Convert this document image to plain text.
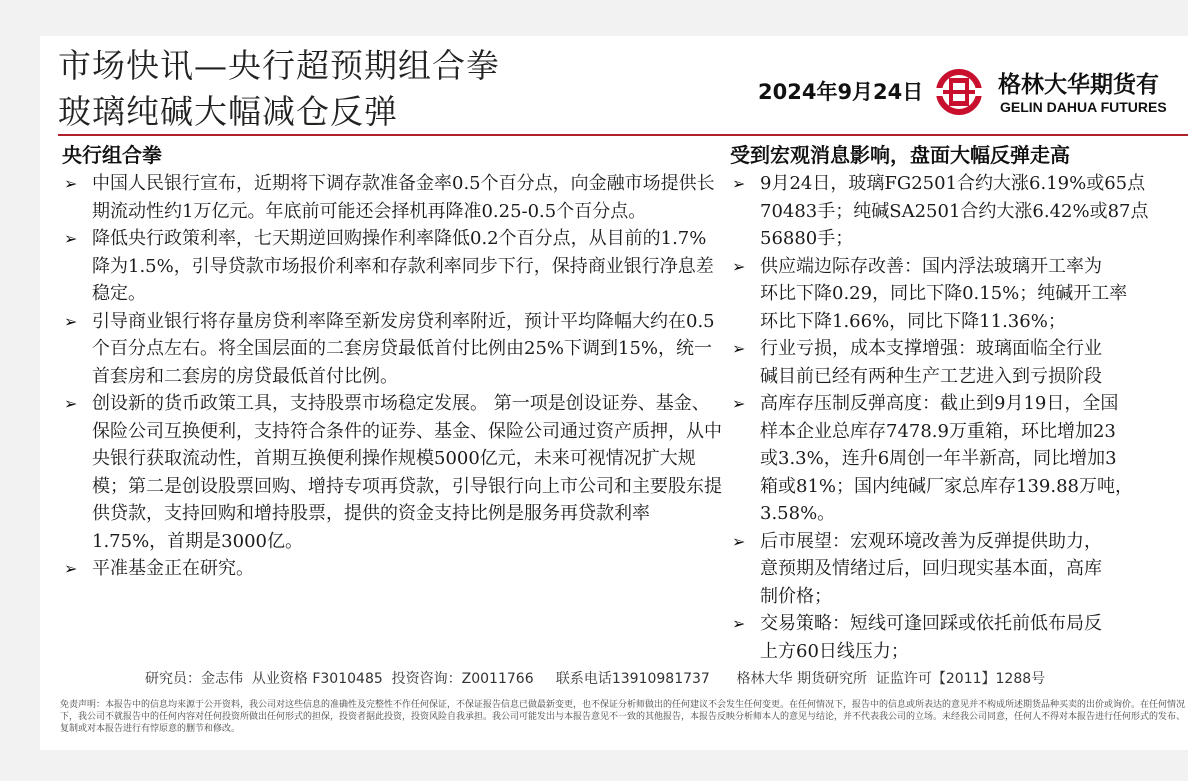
市场快讯—央行超预期组合拳
玻璃纯碱大幅减仓反弹	2024年9月24日	格林大华期货有
GELIN DAHUA FUTURES
央行组合拳
➢ 中国人民银行宣布，近期将下调存款准备金率0.5个百分点，向金融市场提供长期流动性约1万亿元。年底前可能还会择机再降准0.25-0.5个百分点。
➢ 降低央行政策利率，七天期逆回购操作利率降低0.2个百分点，从目前的1.7%降为1.5%，引导贷款市场报价利率和存款利率同步下行，保持商业银行净息差稳定。
➢ 引导商业银行将存量房贷利率降至新发房贷利率附近，预计平均降幅大约在0.5个百分点左右。将全国层面的二套房贷最低首付比例由25%下调到15%，统一首套房和二套房的房贷最低首付比例。
➢ 创设新的货币政策工具，支持股票市场稳定发展。 第一项是创设证券、基金、保险公司互换便利，支持符合条件的证券、基金、保险公司通过资产质押，从中央银行获取流动性，首期互换便利操作规模5000亿元，未来可视情况扩大规模；第二是创设股票回购、增持专项再贷款，引导银行向上市公司和主要股东提供贷款，支持回购和增持股票，提供的资金支持比例是服务再贷款利率1.75%，首期是3000亿。
➢ 平准基金正在研究。
受到宏观消息影响，盘面大幅反弹走高
➢ 9月24日，玻璃FG2501合约大涨6.19%或65点
70483手；纯碱SA2501合约大涨6.42%或87点
56880手；
➢ 供应端边际存改善：国内浮法玻璃开工率为
环比下降0.29，同比下降0.15%；纯碱开工率
环比下降1.66%，同比下降11.36%；
➢ 行业亏损，成本支撑增强：玻璃面临全行业
碱目前已经有两种生产工艺进入到亏损阶段
➢ 高库存压制反弹高度：截止到9月19日，全国
样本企业总库存7478.9万重箱，环比增加23
或3.3%，连升6周创一年半新高，同比增加3
箱或81%；国内纯碱厂家总库存139.88万吨，
3.58%。
➢ 后市展望：宏观环境改善为反弹提供助力，
意预期及情绪过后，回归现实基本面，高库
制价格；
➢ 交易策略：短线可逢回踩或依托前低布局反
上方60日线压力；
研究员：金志伟  从业资格 F3010485  投资咨询：Z0011766     联系电话13910981737      格林大华 期货研究所  证监许可【2011】1288号
免责声明：本报告中的信息均来源于公开资料，我公司对这些信息的准确性及完整性不作任何保证，不保证报告信息已做最新变更，也不保证分析师做出的任何建议不会发生任何变更。在任何情况下，报告中的信息或所表达的意见并不构成所述期货品种买卖的出价或询价。在任何情况下，我公司不就报告中的任何内容对任何投资所做出任何形式的担保，投资者据此投资，投资风险自我承担。我公司可能发出与本报告意见不一致的其他报告，本报告反映分析师本人的意见与结论，并不代表我公司的立场。未经我公司同意，任何人不得对本报告进行任何形式的发布、复制或对本报告进行有悖原意的删节和修改。
